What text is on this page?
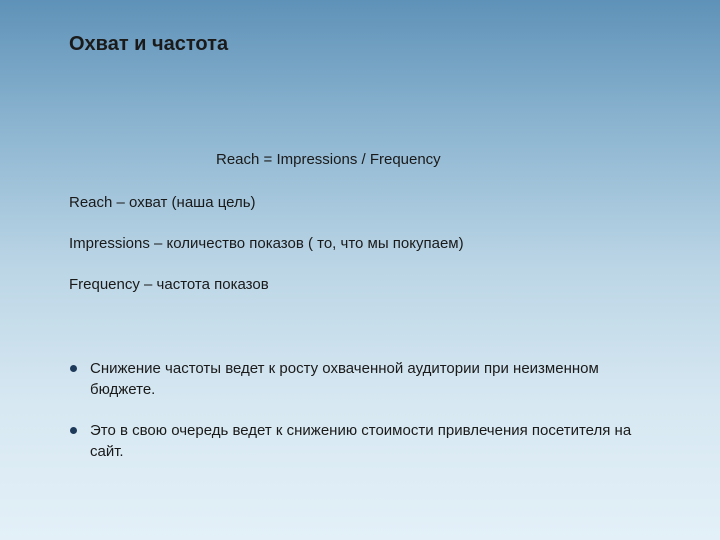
Охват и частота
Reach = Impressions / Frequency
Reach – охват (наша цель)
Impressions – количество показов ( то, что мы покупаем)
Frequency – частота показов
Снижение частоты ведет к росту охваченной аудитории при неизменном бюджете.
Это в свою очередь ведет к снижению стоимости привлечения посетителя на сайт.
